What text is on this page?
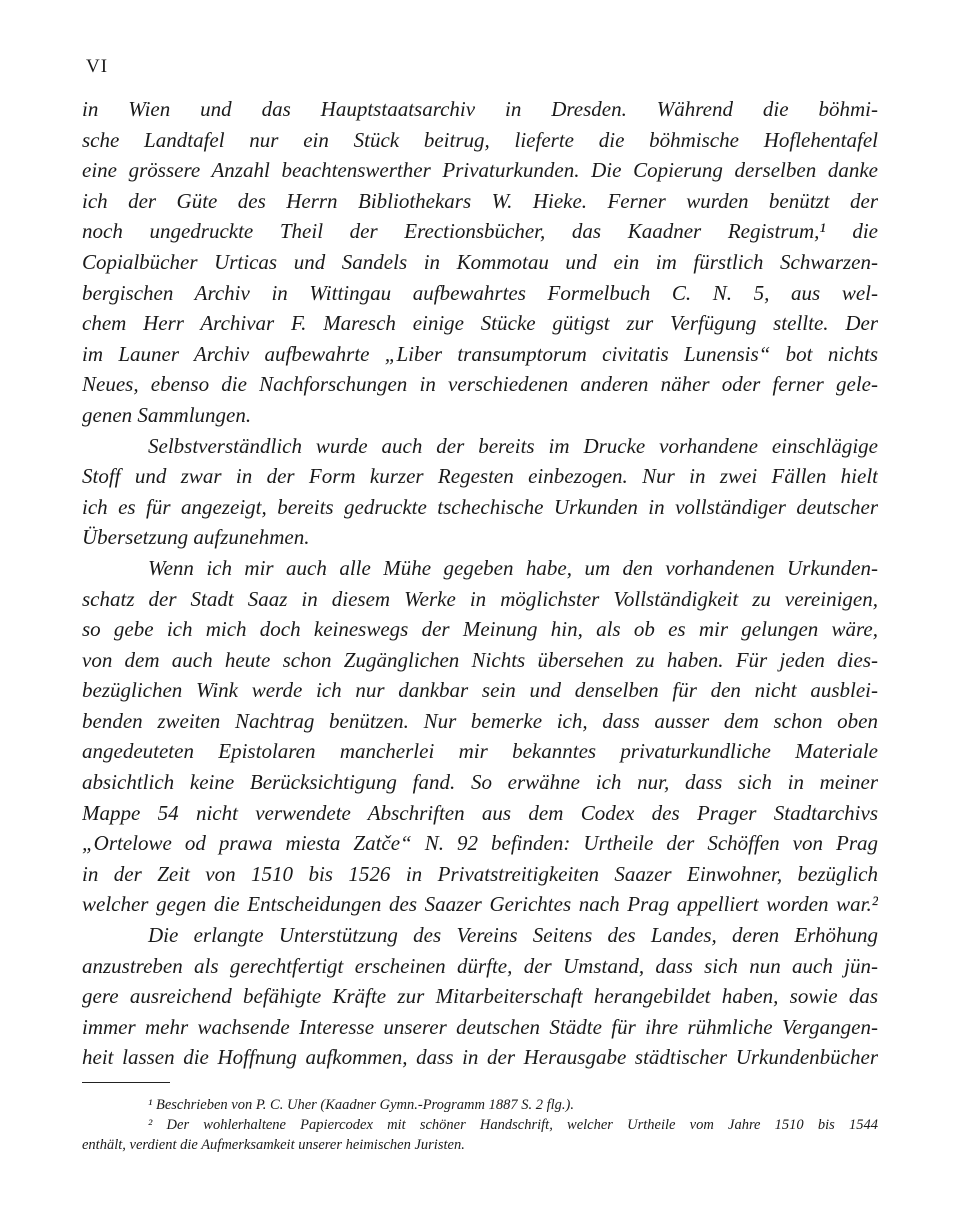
VI
in Wien und das Hauptstaatsarchiv in Dresden. Während die böhmi-
sche Landtafel nur ein Stück beitrug, lieferte die böhmische Hoflehentafel
eine grössere Anzahl beachtenswerther Privaturkunden. Die Copierung derselben danke
ich der Güte des Herrn Bibliothekars W. Hieke. Ferner wurden benützt der
noch ungedruckte Theil der Erectionsbücher, das Kaadner Registrum,¹ die
Copialbücher Urticas und Sandels in Kommotau und ein im fürstlich Schwarzen-
bergischen Archiv in Wittingau aufbewahrtes Formelbuch C. N. 5, aus wel-
chem Herr Archivar F. Maresch einige Stücke gütigst zur Verfügung stellte. Der
im Launer Archiv aufbewahrte „Liber transumptorum civitatis Lunensis“ bot nichts
Neues, ebenso die Nachforschungen in verschiedenen anderen näher oder ferner gele-
genen Sammlungen.
Selbstverständlich wurde auch der bereits im Drucke vorhandene einschlägige
Stoff und zwar in der Form kurzer Regesten einbezogen. Nur in zwei Fällen hielt
ich es für angezeigt, bereits gedruckte tschechische Urkunden in vollständiger deutscher
Übersetzung aufzunehmen.
Wenn ich mir auch alle Mühe gegeben habe, um den vorhandenen Urkunden-
schatz der Stadt Saaz in diesem Werke in möglichster Vollständigkeit zu vereinigen,
so gebe ich mich doch keineswegs der Meinung hin, als ob es mir gelungen wäre,
von dem auch heute schon Zugänglichen Nichts übersehen zu haben. Für jeden dies-
bezüglichen Wink werde ich nur dankbar sein und denselben für den nicht ausblei-
benden zweiten Nachtrag benützen. Nur bemerke ich, dass ausser dem schon oben
angedeuteten Epistolaren mancherlei mir bekanntes privaturkundliche Materiale
absichtlich keine Berücksichtigung fand. So erwähne ich nur, dass sich in meiner
Mappe 54 nicht verwendete Abschriften aus dem Codex des Prager Stadtarchivs
„Ortelowe od prawa miesta Zatče“ N. 92 befinden: Urtheile der Schöffen von Prag
in der Zeit von 1510 bis 1526 in Privatstreitigkeiten Saazer Einwohner, bezüglich
welcher gegen die Entscheidungen des Saazer Gerichtes nach Prag appelliert worden war.²
Die erlangte Unterstützung des Vereins Seitens des Landes, deren Erhöhung
anzustreben als gerechtfertigt erscheinen dürfte, der Umstand, dass sich nun auch jün-
gere ausreichend befähigte Kräfte zur Mitarbeiterschaft herangebildet haben, sowie das
immer mehr wachsende Interesse unserer deutschen Städte für ihre rühmliche Vergangen-
heit lassen die Hoffnung aufkommen, dass in der Herausgabe städtischer Urkundenbücher
¹ Beschrieben von P. C. Uher (Kaadner Gymn.-Programm 1887 S. 2 flg.).
² Der wohlerhaltene Papiercodex mit schöner Handschrift, welcher Urtheile vom Jahre 1510 bis 1544
enthält, verdient die Aufmerksamkeit unserer heimischen Juristen.
